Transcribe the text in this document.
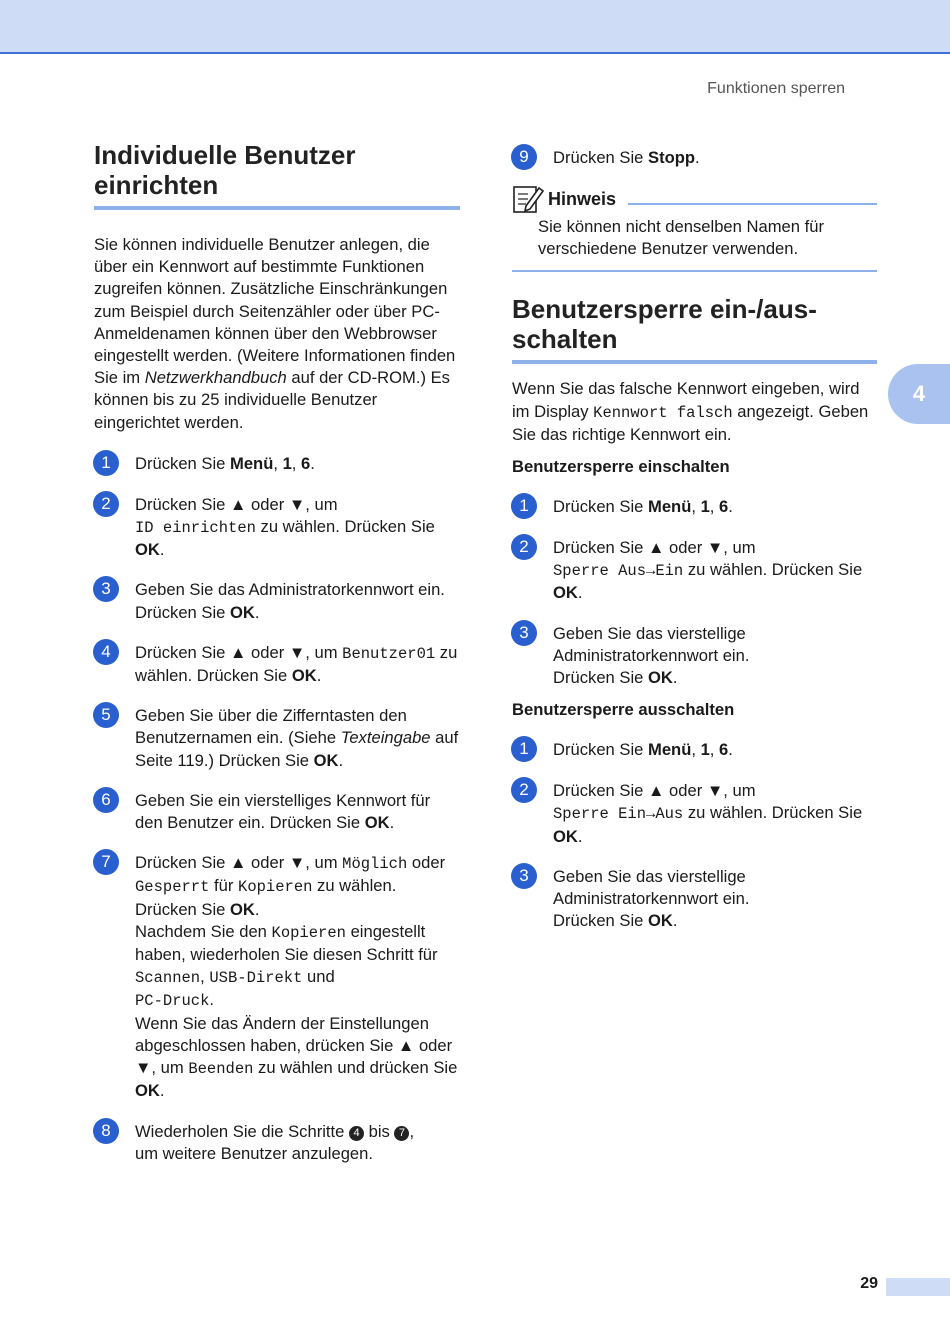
Funktionen sperren
4
Individuelle Benutzer einrichten

Sie können individuelle Benutzer anlegen, die über ein Kennwort auf bestimmte Funktionen zugreifen können. Zusätzliche Einschränkungen zum Beispiel durch Seitenzähler oder über PC-Anmeldenamen können über den Webbrowser eingestellt werden. (Weitere Informationen finden Sie im Netzwerkhandbuch auf der CD-ROM.) Es können bis zu 25 individuelle Benutzer eingerichtet werden.

1	Drücken Sie Menü, 1, 6.
2	Drücken Sie ▲ oder ▼, um
ID einrichten zu wählen. Drücken Sie OK.
3	Geben Sie das Administratorkennwort ein. Drücken Sie OK.
4	Drücken Sie ▲ oder ▼, um Benutzer01 zu wählen. Drücken Sie OK.
5	Geben Sie über die Zifferntasten den Benutzernamen ein. (Siehe Texteingabe auf Seite 119.) Drücken Sie OK.
6	Geben Sie ein vierstelliges Kennwort für den Benutzer ein. Drücken Sie OK.
7	Drücken Sie ▲ oder ▼, um Möglich oder Gesperrt für Kopieren zu wählen.
Drücken Sie OK.
Nachdem Sie den Kopieren eingestellt haben, wiederholen Sie diesen Schritt für Scannen, USB-Direkt und
PC-Druck.
Wenn Sie das Ändern der Einstellungen abgeschlossen haben, drücken Sie ▲ oder ▼, um Beenden zu wählen und drücken Sie OK.
8	Wiederholen Sie die Schritte 4 bis 7 ,
um weitere Benutzer anzulegen.
9	Drücken Sie Stopp.
Hinweis

Sie können nicht denselben Namen für verschiedene Benutzer verwenden.

Benutzersperre ein-/aus-
schalten

Wenn Sie das falsche Kennwort eingeben, wird im Display Kennwort falsch angezeigt. Geben Sie das richtige Kennwort ein.

Benutzersperre einschalten
1	Drücken Sie Menü, 1, 6.
2	Drücken Sie ▲ oder ▼, um
Sperre Aus→Ein zu wählen. Drücken Sie OK.
3	Geben Sie das vierstellige Administratorkennwort ein.
Drücken Sie OK.
Benutzersperre ausschalten
1	Drücken Sie Menü, 1, 6.
2	Drücken Sie ▲ oder ▼, um
Sperre Ein→Aus zu wählen. Drücken Sie OK.
3	Geben Sie das vierstellige Administratorkennwort ein.
Drücken Sie OK.
29
